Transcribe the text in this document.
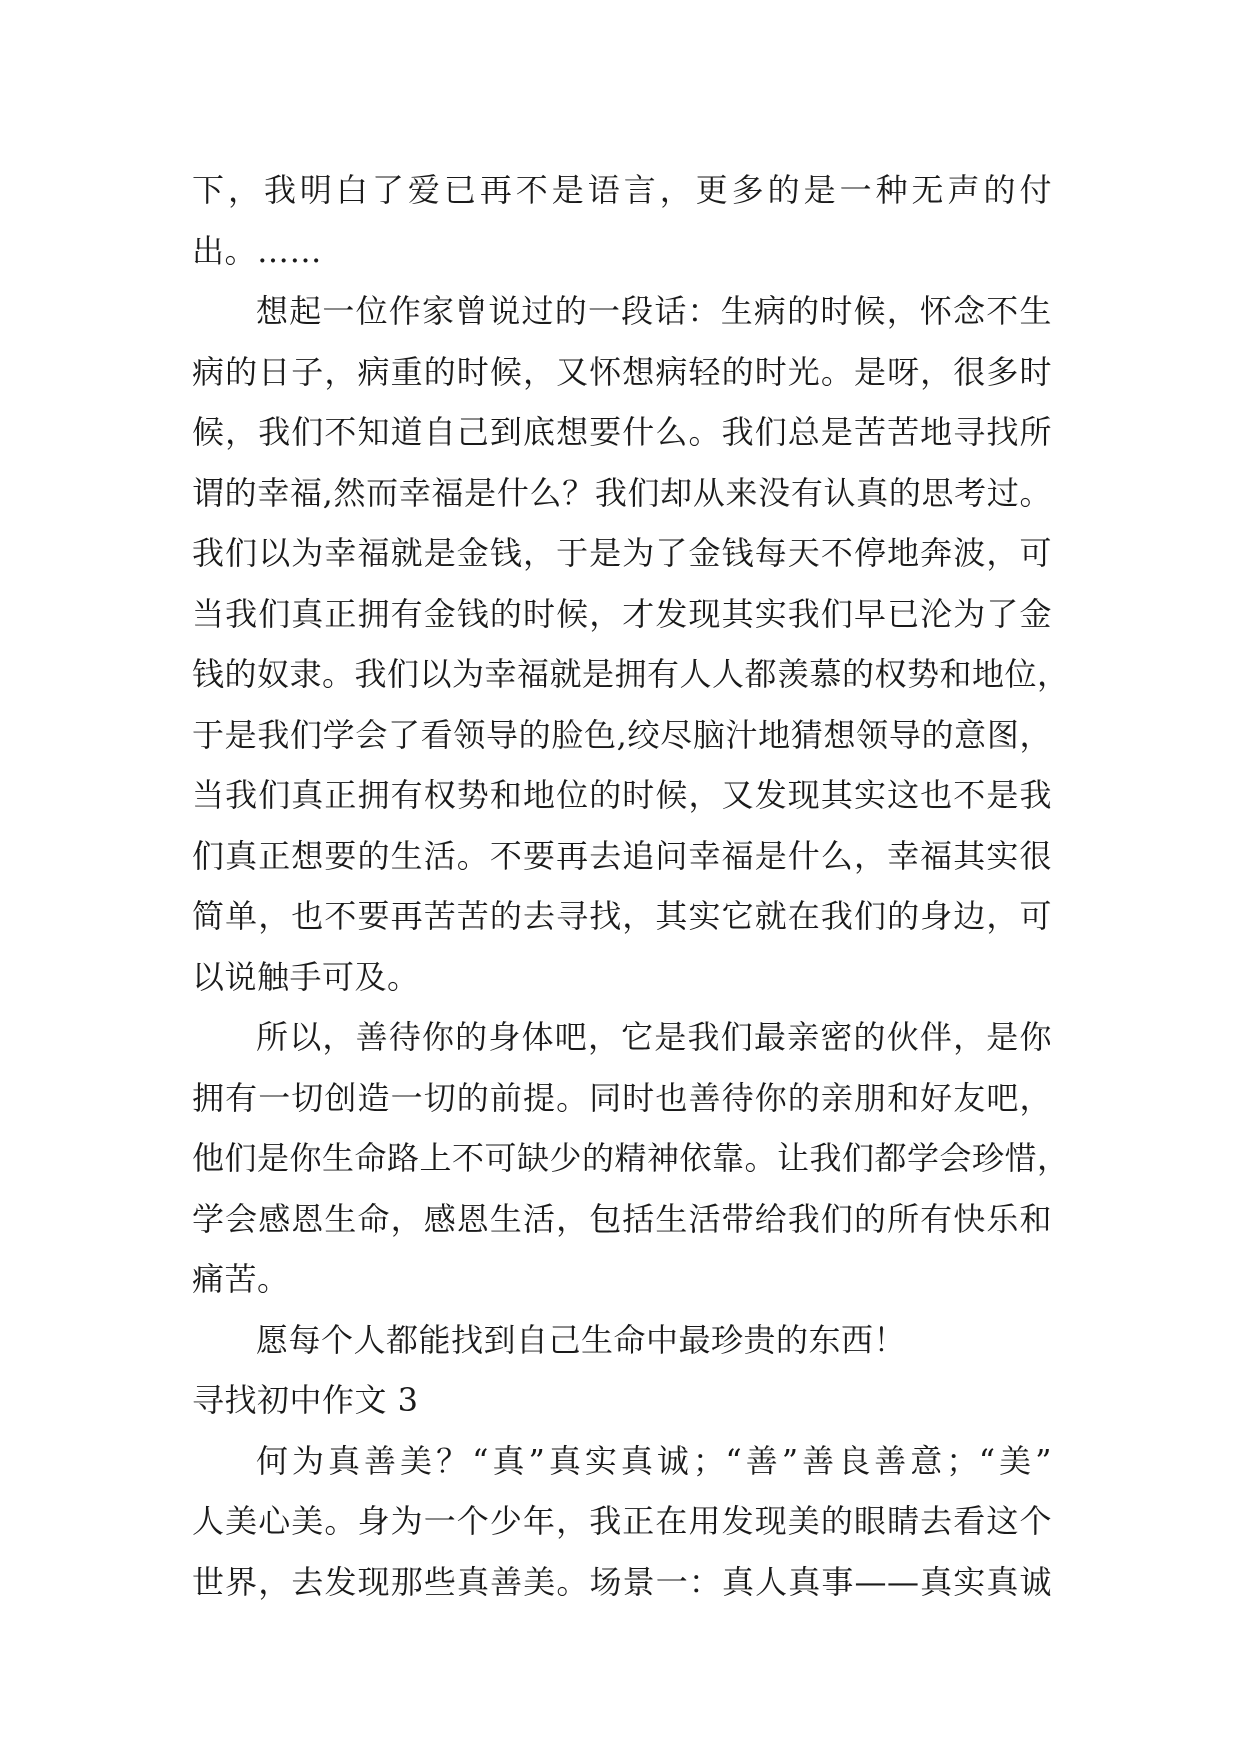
下，我明白了爱已再不是语言，更多的是一种无声的付
出。……
想起一位作家曾说过的一段话：生病的时候，怀念不生
病的日子，病重的时候，又怀想病轻的时光。是呀，很多时
候，我们不知道自己到底想要什么。我们总是苦苦地寻找所
谓的幸福,然而幸福是什么？我们却从来没有认真的思考过。
我们以为幸福就是金钱，于是为了金钱每天不停地奔波，可
当我们真正拥有金钱的时候，才发现其实我们早已沦为了金
钱的奴隶。我们以为幸福就是拥有人人都羡慕的权势和地位，
于是我们学会了看领导的脸色,绞尽脑汁地猜想领导的意图，
当我们真正拥有权势和地位的时候，又发现其实这也不是我
们真正想要的生活。不要再去追问幸福是什么，幸福其实很
简单，也不要再苦苦的去寻找，其实它就在我们的身边，可
以说触手可及。
所以，善待你的身体吧，它是我们最亲密的伙伴，是你
拥有一切创造一切的前提。同时也善待你的亲朋和好友吧，
他们是你生命路上不可缺少的精神依靠。让我们都学会珍惜，
学会感恩生命，感恩生活，包括生活带给我们的所有快乐和
痛苦。
愿每个人都能找到自己生命中最珍贵的东西！
寻找初中作文 3
何为真善美？“真”真实真诚；“善”善良善意；“美”
人美心美。身为一个少年，我正在用发现美的眼睛去看这个
世界，去发现那些真善美。场景一：真人真事——真实真诚
